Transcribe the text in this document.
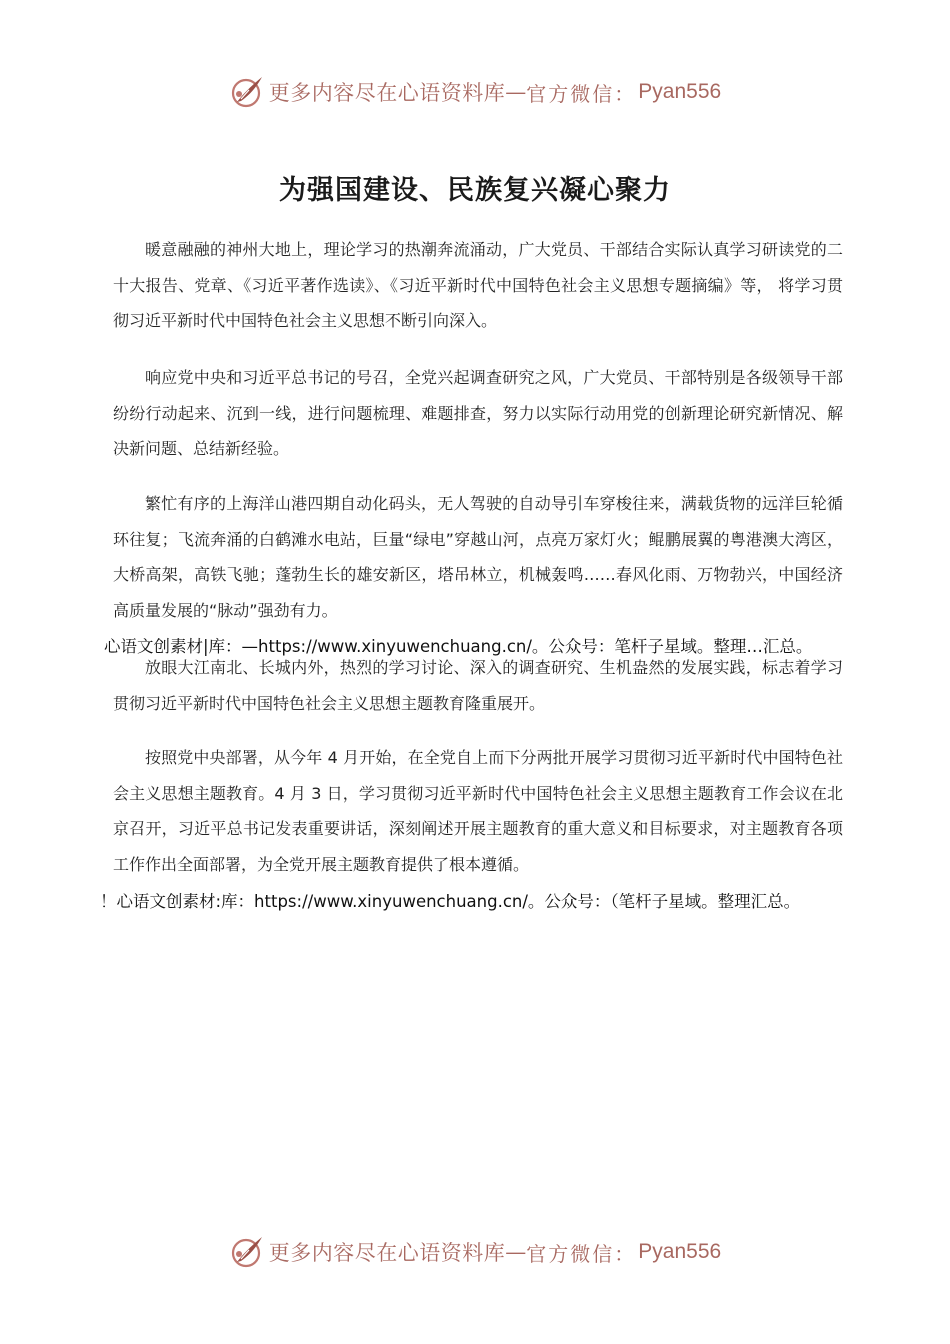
更多内容尽在心语资料库 — 官方微信： Pyan556
为强国建设、民族复兴凝心聚力
暖意融融的神州大地上，理论学习的热潮奔流涌动，广大党员、干部结合实际认真学习研读党的二十大报告、党章、《习近平著作选读》、《习近平新时代中国特色社会主义思想专题摘编》等， 将学习贯彻习近平新时代中国特色社会主义思想不断引向深入。
响应党中央和习近平总书记的号召，全党兴起调查研究之风，广大党员、干部特别是各级领导干部纷纷行动起来、沉到一线，进行问题梳理、难题排查，努力以实际行动用党的创新理论研究新情况、解决新问题、总结新经验。
繁忙有序的上海洋山港四期自动化码头，无人驾驶的自动导引车穿梭往来，满载货物的远洋巨轮循环往复；飞流奔涌的白鹤滩水电站，巨量“绿电”穿越山河，点亮万家灯火；鲲鹏展翼的粤港澳大湾区，大桥高架，高铁飞驰；蓬勃生长的雄安新区，塔吊林立，机械轰鸣……春风化雨、万物勃兴，中国经济高质量发展的“脉动”强劲有力。
心语文创素材|库：—https://www.xinyuwenchuang.cn/。公众号：笔杆子星域。整理…汇总。
放眼大江南北、长城内外，热烈的学习讨论、深入的调查研究、生机盎然的发展实践，标志着学习贯彻习近平新时代中国特色社会主义思想主题教育隆重展开。
按照党中央部署，从今年 4 月开始，在全党自上而下分两批开展学习贯彻习近平新时代中国特色社会主义思想主题教育。4 月 3 日，学习贯彻习近平新时代中国特色社会主义思想主题教育工作会议在北京召开，习近平总书记发表重要讲话，深刻阐述开展主题教育的重大意义和目标要求，对主题教育各项工作作出全面部署，为全党开展主题教育提供了根本遵循。
！心语文创素材:库：https://www.xinyuwenchuang.cn/。公众号：（笔杆子星域。整理汇总。
更多内容尽在心语资料库 — 官方微信： Pyan556
